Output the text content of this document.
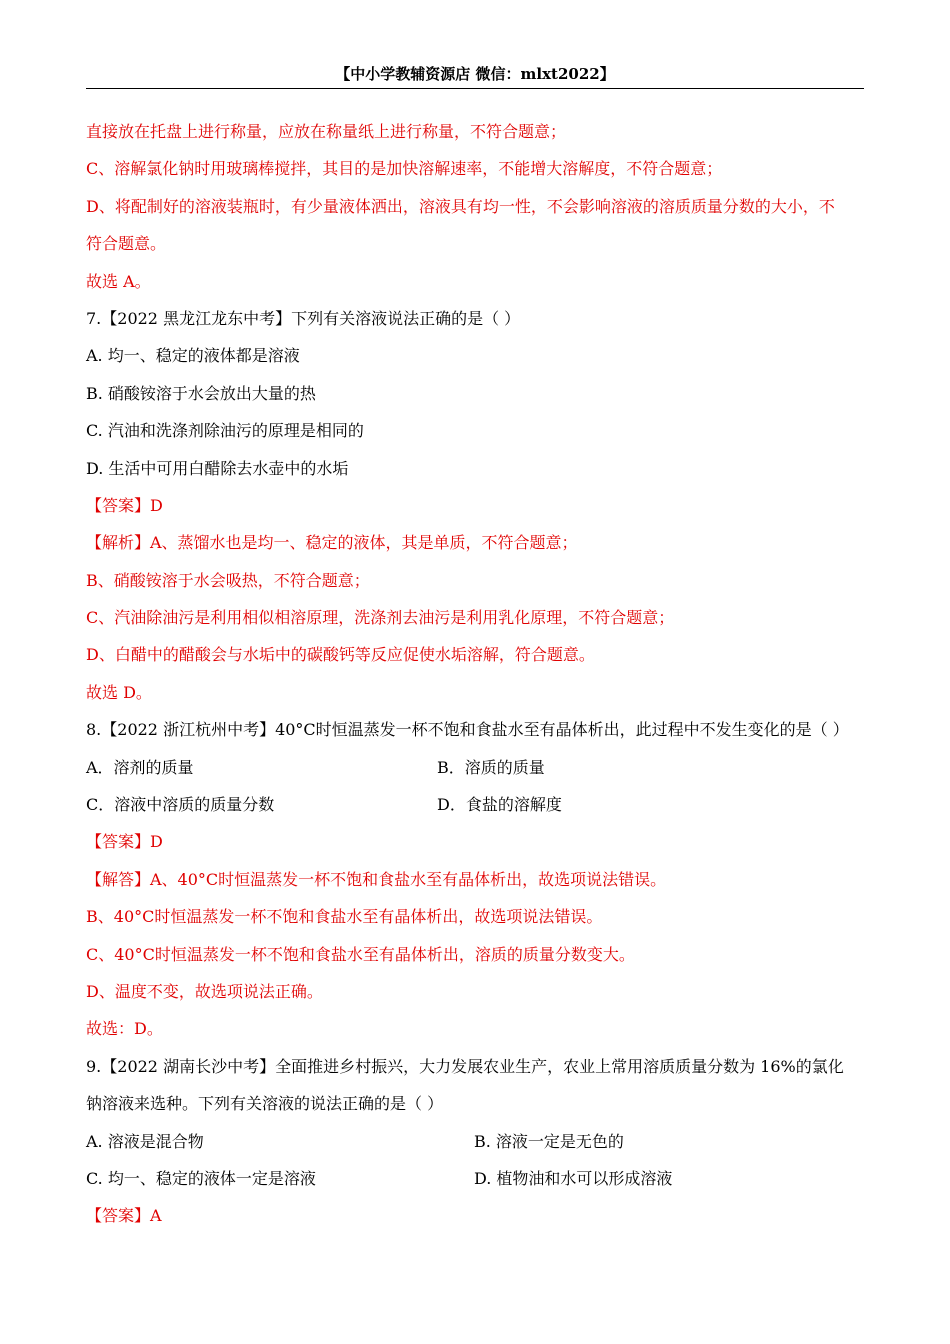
【中小学教辅资源店 微信：mlxt2022】
直接放在托盘上进行称量，应放在称量纸上进行称量，不符合题意；
C、溶解氯化钠时用玻璃棒搅拌，其目的是加快溶解速率，不能增大溶解度，不符合题意；
D、将配制好的溶液装瓶时，有少量液体洒出，溶液具有均一性，不会影响溶液的溶质质量分数的大小，不
符合题意。
故选 A。
7.【2022 黑龙江龙东中考】下列有关溶液说法正确的是（ ）
A. 均一、稳定的液体都是溶液
B. 硝酸铵溶于水会放出大量的热
C. 汽油和洗涤剂除油污的原理是相同的
D. 生活中可用白醋除去水壶中的水垢
【答案】D
【解析】A、蒸馏水也是均一、稳定的液体，其是单质，不符合题意；
B、硝酸铵溶于水会吸热，不符合题意；
C、汽油除油污是利用相似相溶原理，洗涤剂去油污是利用乳化原理，不符合题意；
D、白醋中的醋酸会与水垢中的碳酸钙等反应促使水垢溶解，符合题意。
故选 D。
8.【2022 浙江杭州中考】40°C时恒温蒸发一杯不饱和食盐水至有晶体析出，此过程中不发生变化的是（ ）
A．溶剂的质量	B．溶质的质量
C．溶液中溶质的质量分数	D．食盐的溶解度
【答案】D
【解答】A、40°C时恒温蒸发一杯不饱和食盐水至有晶体析出，故选项说法错误。
B、40°C时恒温蒸发一杯不饱和食盐水至有晶体析出，故选项说法错误。
C、40°C时恒温蒸发一杯不饱和食盐水至有晶体析出，溶质的质量分数变大。
D、温度不变，故选项说法正确。
故选：D。
9.【2022 湖南长沙中考】全面推进乡村振兴，大力发展农业生产，农业上常用溶质质量分数为 16%的氯化
钠溶液来选种。下列有关溶液的说法正确的是（ ）
A. 溶液是混合物	B. 溶液一定是无色的
C. 均一、稳定的液体一定是溶液	D. 植物油和水可以形成溶液
【答案】A
